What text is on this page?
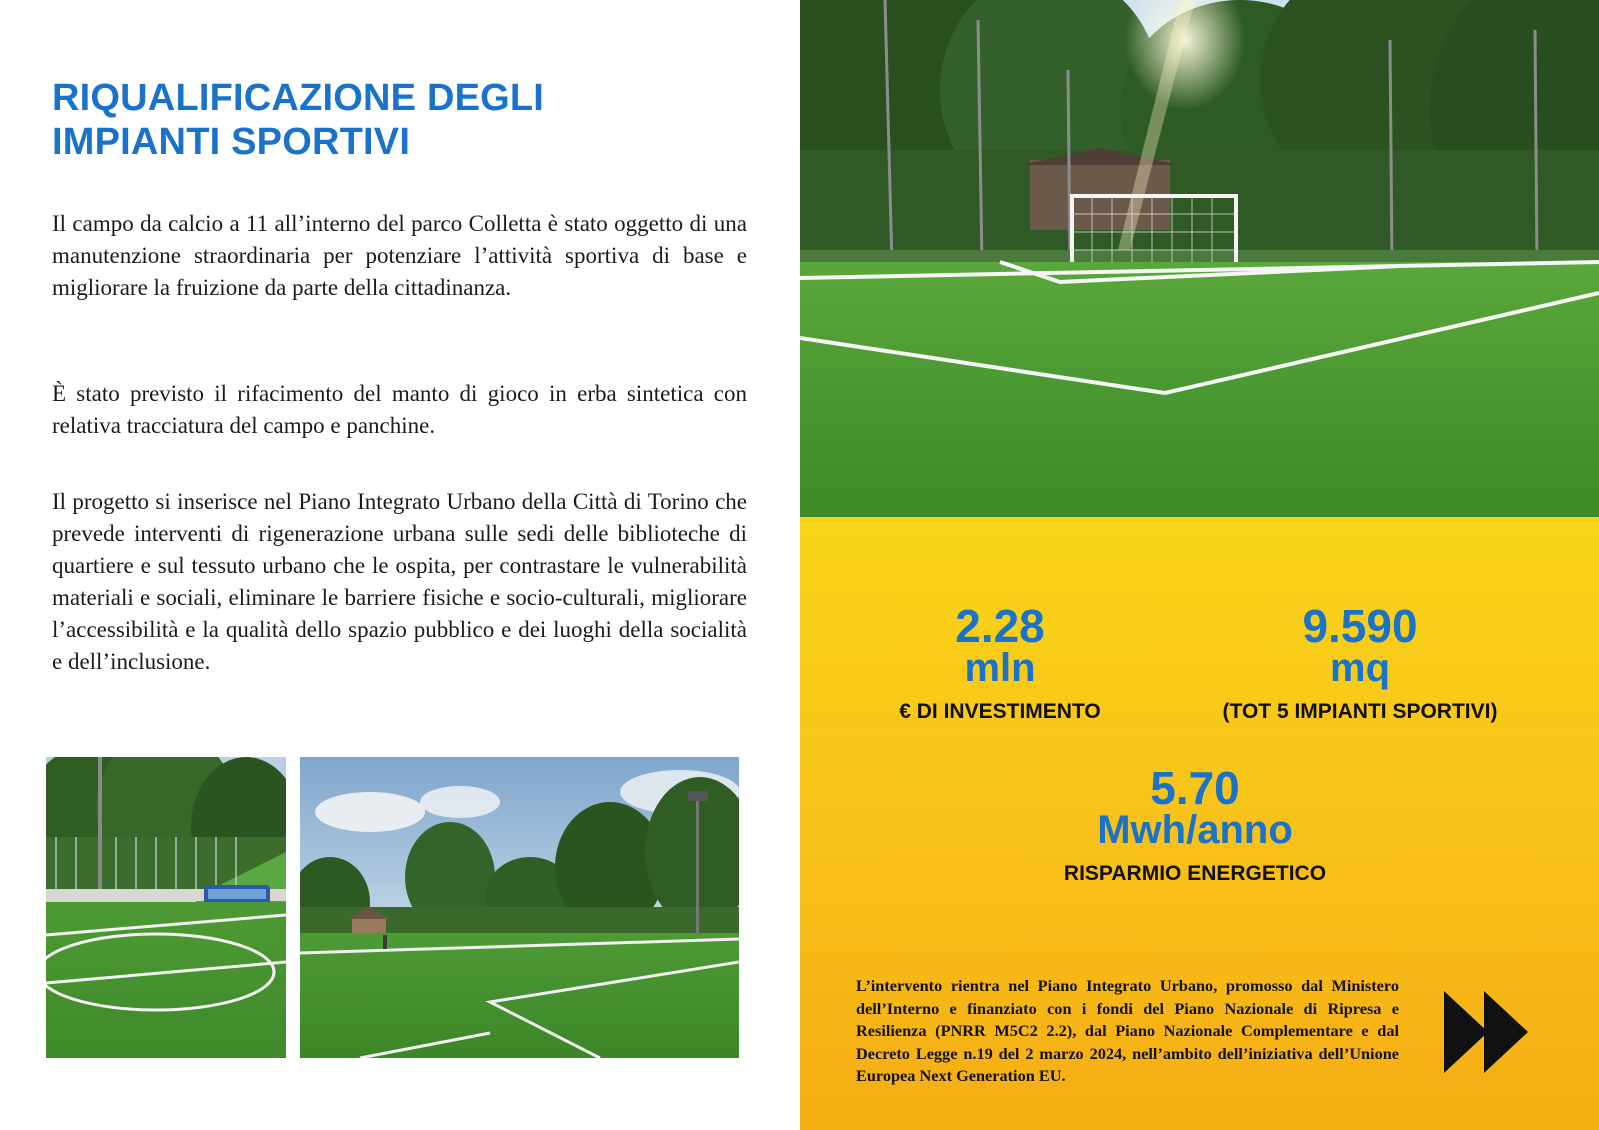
RIQUALIFICAZIONE DEGLI
IMPIANTI SPORTIVI

Il campo da calcio a 11 all’interno del parco Colletta è stato oggetto di una manutenzione straordinaria per potenziare l’attività sportiva di base e migliorare la fruizione da parte della cittadinanza.

È stato previsto il rifacimento del manto di gioco in erba sintetica con relativa tracciatura del campo e panchine.

Il progetto si inserisce nel Piano Integrato Urbano della Città di Torino che prevede interventi di rigenerazione urbana sulle sedi delle biblioteche di quartiere e sul tessuto urbano che le ospita, per contrastare le vulnerabilità materiali e sociali, eliminare le barriere fisiche e socio-culturali, migliorare l’accessibilità e la qualità dello spazio pubblico e dei luoghi della socialità e dell’inclusione.

2.28
mln
€ DI INVESTIMENTO
9.590
mq
(TOT 5 IMPIANTI SPORTIVI)
5.70
Mwh/anno
RISPARMIO ENERGETICO

L’intervento rientra nel Piano Integrato Urbano, promosso dal Ministero dell’Interno e finanziato con i fondi del Piano Nazionale di Ripresa e Resilienza (PNRR M5C2 2.2), dal Piano Nazionale Complementare e dal Decreto Legge n.19 del 2 marzo 2024, nell’ambito dell’iniziativa dell’Unione Europea Next Generation EU.
